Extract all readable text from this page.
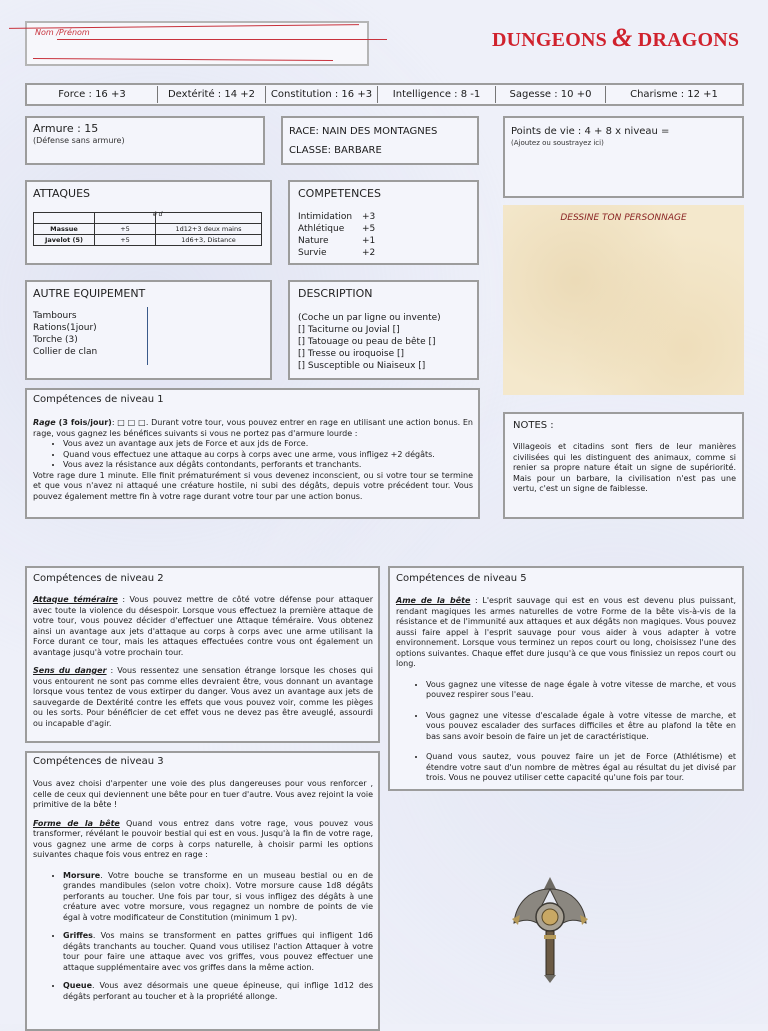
Nom /Prénom	DUNGEONS & DRAGONS
Force : 16 +3	Dextérité : 14 +2	Constitution : 16 +3	Intelligence : 8 -1	Sagesse : 10 +0	Charisme : 12 +1
Armure : 15
(Défense sans armure)
RACE: NAIN DES MONTAGNES
CLASSE: BARBARE
Points de vie : 4 + 8 x niveau =
(Ajoutez ou soustrayez ici)
ATTAQUES
é d

Massue	+5	1d12+3 deux mains
Javelot (5)	+5	1d6+3, Distance
COMPETENCES
Intimidation +3
Athlétique +5
Nature	+1
Survie	+2
DESSINE TON PERSONNAGE
AUTRE EQUIPEMENT
Tambours
Rations(1jour)
Torche (3)
Collier de clan
DESCRIPTION
(Coche un par ligne ou invente)
[] Taciturne ou Jovial []
[] Tatouage ou peau de bête []
[] Tresse ou iroquoise []
[] Susceptible ou Niaiseux []
NOTES :
Villageois et citadins sont fiers de leur manières civilisées qui les distinguent des animaux, comme si renier sa propre nature était un signe de supériorité. Mais pour un barbare, la civilisation n'est pas une vertu, c'est un signe de faiblesse.
Compétences de niveau 1

Rage (3 fois/jour): □ □ □. Durant votre tour, vous pouvez entrer en rage en utilisant une action bonus. En rage, vous gagnez les bénéfices suivants si vous ne portez pas d'armure lourde :

• Vous avez un avantage aux jets de Force et aux jds de Force.
• Quand vous effectuez une attaque au corps à corps avec une arme, vous infligez +2 dégâts.
• Vous avez la résistance aux dégâts contondants, perforants et tranchants.

Votre rage dure 1 minute. Elle finit prématurément si vous devenez inconscient, ou si votre tour se termine et que vous n'avez ni attaqué une créature hostile, ni subi des dégâts, depuis votre précédent tour. Vous pouvez également mettre fin à votre rage durant votre tour par une action bonus.

Compétences de niveau 2

Attaque téméraire : Vous pouvez mettre de côté votre défense pour attaquer avec toute la violence du désespoir. Lorsque vous effectuez la première attaque de votre tour, vous pouvez décider d'effectuer une Attaque téméraire. Vous obtenez ainsi un avantage aux jets d'attaque au corps à corps avec une arme utilisant la Force durant ce tour, mais les attaques effectuées contre vous ont également un avantage jusqu'à votre prochain tour.

Sens du danger : Vous ressentez une sensation étrange lorsque les choses qui vous entourent ne sont pas comme elles devraient être, vous donnant un avantage lorsque vous tentez de vous extirper du danger. Vous avez un avantage aux jets de sauvegarde de Dextérité contre les effets que vous pouvez voir, comme les pièges ou les sorts. Pour bénéficier de cet effet vous ne devez pas être aveuglé, assourdi ou incapable d'agir.

Compétences de niveau 3

Vous avez choisi d'arpenter une voie des plus dangereuses pour vous renforcer , celle de ceux qui deviennent une bête pour en tuer d'autre. Vous avez rejoint la voie primitive de la bête !

Forme de la bête Quand vous entrez dans votre rage, vous pouvez vous transformer, révélant le pouvoir bestial qui est en vous. Jusqu'à la fin de votre rage, vous gagnez une arme de corps à corps naturelle, à choisir parmi les options suivantes chaque fois vous entrez en rage :

• Morsure. Votre bouche se transforme en un museau bestial ou en de grandes mandibules (selon votre choix). Votre morsure cause 1d8 dégâts perforants au toucher. Une fois par tour, si vous infligez des dégâts à une créature avec votre morsure, vous regagnez un nombre de points de vie égal à votre modificateur de Constitution (minimum 1 pv).
• Griffes. Vos mains se transforment en pattes griffues qui infligent 1d6 dégâts tranchants au toucher. Quand vous utilisez l'action Attaquer à votre tour pour faire une attaque avec vos griffes, vous pouvez effectuer une attaque supplémentaire avec vos griffes dans la même action.
• Queue. Vous avez désormais une queue épineuse, qui inflige 1d12 des dégâts perforant au toucher et à la propriété allonge.
Compétences de niveau 5

Ame de la bête : L'esprit sauvage qui est en vous est devenu plus puissant, rendant magiques les armes naturelles de votre Forme de la bête vis-à-vis de la résistance et de l'immunité aux attaques et aux dégâts non magiques. Vous pouvez aussi faire appel à l'esprit sauvage pour vous aider à vous adapter à votre environnement. Lorsque vous terminez un repos court ou long, choisissez l'une des options suivantes. Chaque effet dure jusqu'à ce que vous finissiez un repos court ou long.

• Vous gagnez une vitesse de nage égale à votre vitesse de marche, et vous pouvez respirer sous l'eau.
• Vous gagnez une vitesse d'escalade égale à votre vitesse de marche, et vous pouvez escalader des surfaces difficiles et être au plafond la tête en bas sans avoir besoin de faire un jet de caractéristique.
• Quand vous sautez, vous pouvez faire un jet de Force (Athlétisme) et étendre votre saut d'un nombre de mètres égal au résultat du jet divisé par trois. Vous ne pouvez utiliser cette capacité qu'une fois par tour.
